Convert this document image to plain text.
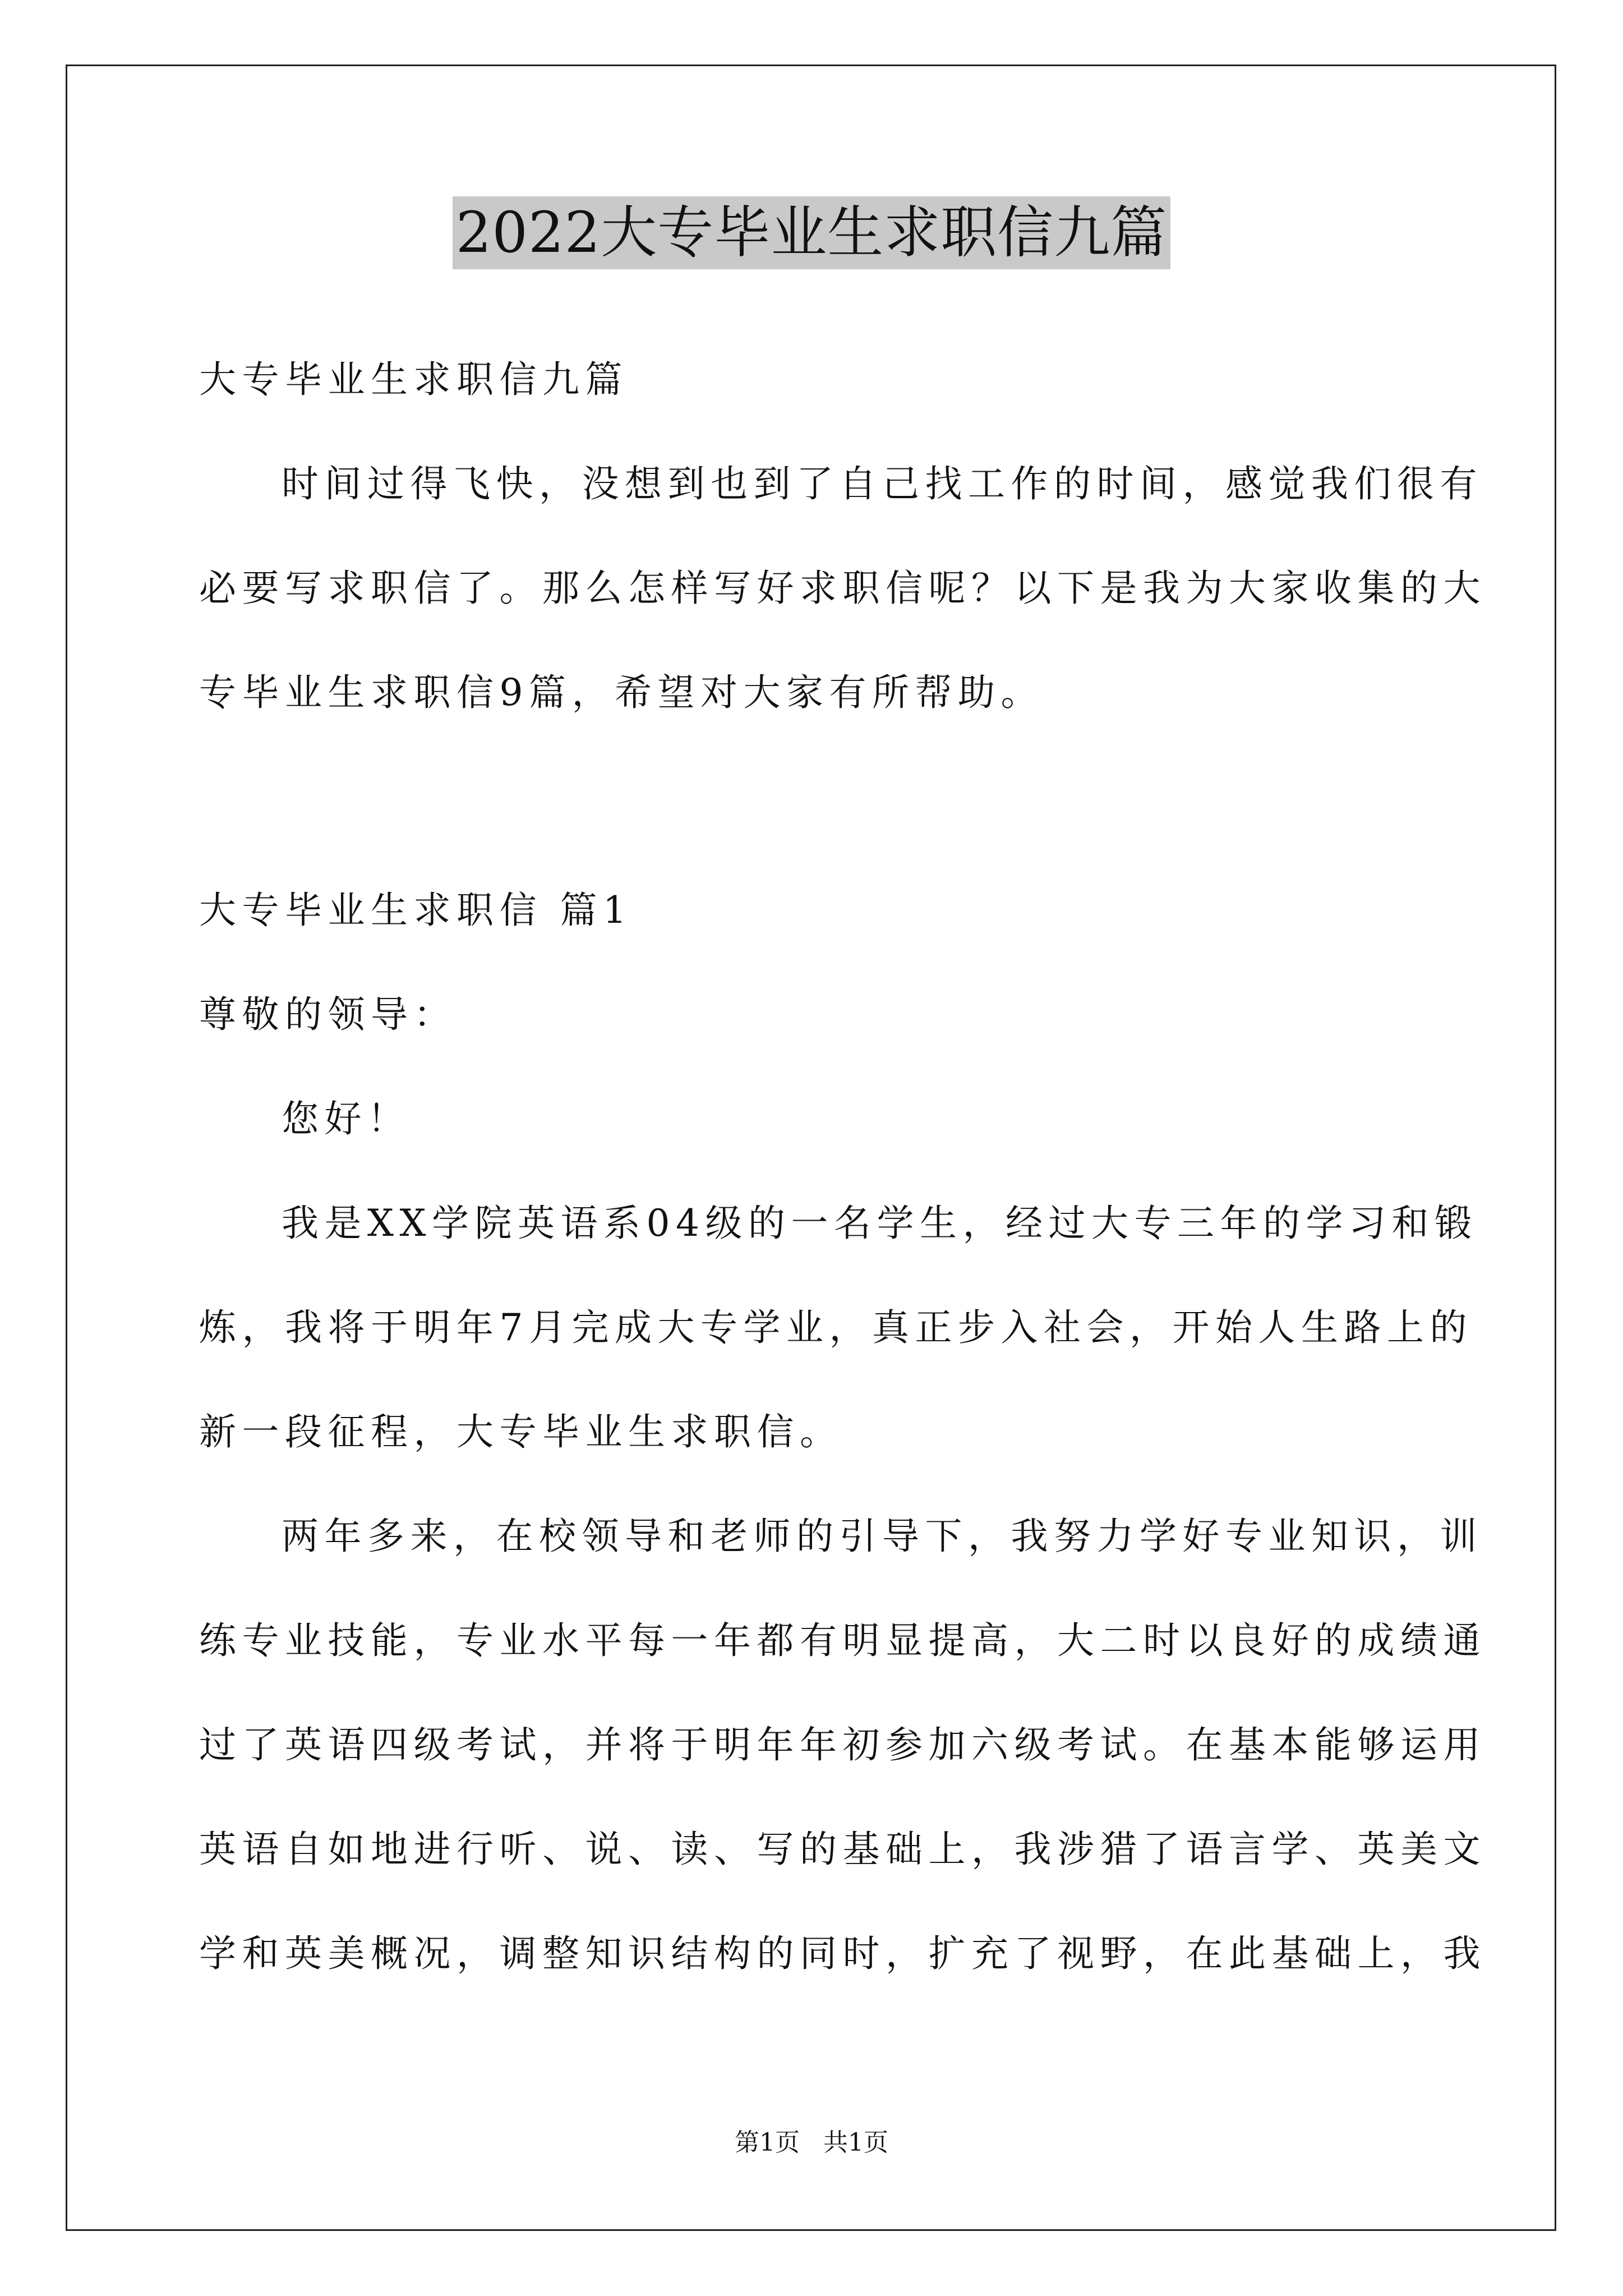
2022大专毕业生求职信九篇
大专毕业生求职信九篇
时间过得飞快，没想到也到了自己找工作的时间，感觉我们很有
必要写求职信了。那么怎样写好求职信呢？以下是我为大家收集的大
专毕业生求职信9篇，希望对大家有所帮助。
大专毕业生求职信 篇1
尊敬的领导：
您好！
我是XX学院英语系04级的一名学生，经过大专三年的学习和锻
炼，我将于明年7月完成大专学业，真正步入社会，开始人生路上的
新一段征程，大专毕业生求职信。
两年多来，在校领导和老师的引导下，我努力学好专业知识，训
练专业技能，专业水平每一年都有明显提高，大二时以良好的成绩通
过了英语四级考试，并将于明年年初参加六级考试。在基本能够运用
英语自如地进行听、说、读、写的基础上，我涉猎了语言学、英美文
学和英美概况，调整知识结构的同时，扩充了视野，在此基础上，我
第1页   共1页
